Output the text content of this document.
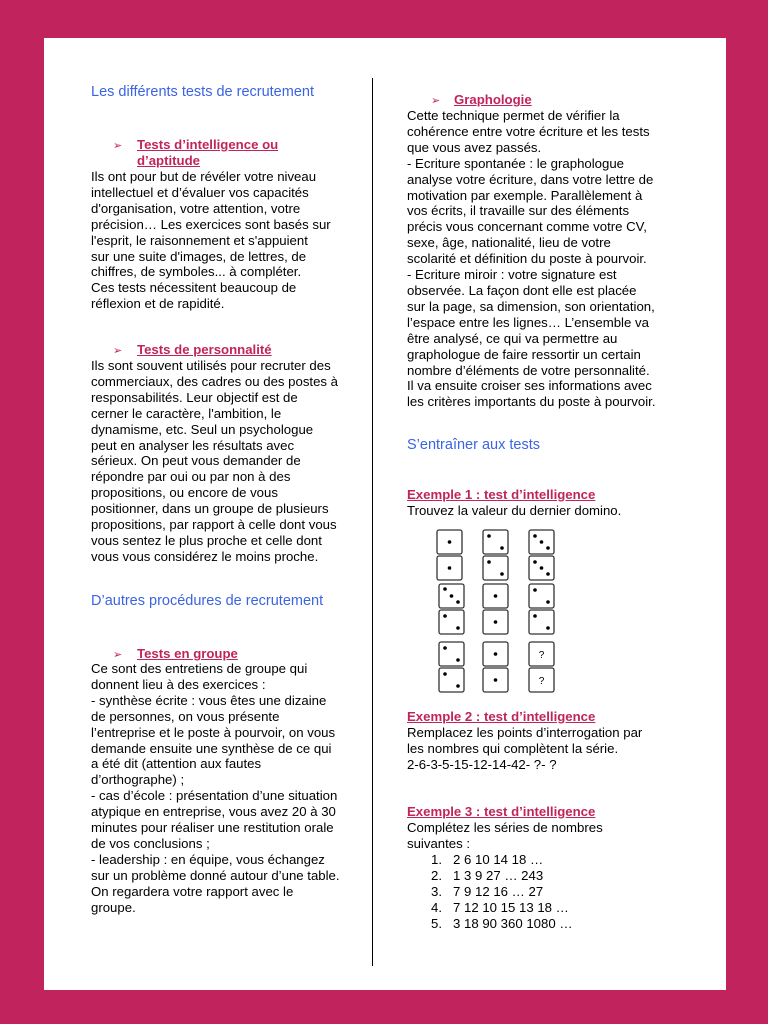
Les différents tests de recrutement
➢ Tests d’intelligence ou
d’aptitude
Ils ont pour but de révéler votre niveau
intellectuel et d’évaluer vos capacités
d'organisation, votre attention, votre
précision… Les exercices sont basés sur
l'esprit, le raisonnement et s'appuient
sur une suite d'images, de lettres, de
chiffres, de symboles... à compléter.
Ces tests nécessitent beaucoup de
réflexion et de rapidité.
➢ Tests de personnalité
Ils sont souvent utilisés pour recruter des
commerciaux, des cadres ou des postes à
responsabilités. Leur objectif est de
cerner le caractère, l'ambition, le
dynamisme, etc. Seul un psychologue
peut en analyser les résultats avec
sérieux. On peut vous demander de
répondre par oui ou par non à des
propositions, ou encore de vous
positionner, dans un groupe de plusieurs
propositions, par rapport à celle dont vous
vous sentez le plus proche et celle dont
vous vous considérez le moins proche.
D’autres procédures de recrutement
➢ Tests en groupe
Ce sont des entretiens de groupe qui
donnent lieu à des exercices :
- synthèse écrite : vous êtes une dizaine
de personnes, on vous présente
l’entreprise et le poste à pourvoir, on vous
demande ensuite une synthèse de ce qui
a été dit (attention aux fautes
d’orthographe) ;
- cas d’école : présentation d’une situation
atypique en entreprise, vous avez 20 à 30
minutes pour réaliser une restitution orale
de vos conclusions ;
- leadership : en équipe, vous échangez
sur un problème donné autour d’une table.
On regardera votre rapport avec le
groupe.
➢ Graphologie
Cette technique permet de vérifier la
cohérence entre votre écriture et les tests
que vous avez passés.
- Ecriture spontanée : le graphologue
analyse votre écriture, dans votre lettre de
motivation par exemple. Parallèlement à
vos écrits, il travaille sur des éléments
précis vous concernant comme votre CV,
sexe, âge, nationalité, lieu de votre
scolarité et définition du poste à pourvoir.
- Ecriture miroir : votre signature est
observée. La façon dont elle est placée
sur la page, sa dimension, son orientation,
l’espace entre les lignes… L’ensemble va
être analysé, ce qui va permettre au
graphologue de faire ressortir un certain
nombre d’éléments de votre personnalité.
Il va ensuite croiser ses informations avec
les critères importants du poste à pourvoir.
S’entraîner aux tests
Exemple 1 : test d’intelligence
Trouvez la valeur du dernier domino.
?
?
Exemple 2 : test d’intelligence
Remplacez les points d’interrogation par
les nombres qui complètent la série.
2-6-3-5-15-12-14-42- ?- ?
Exemple 3 : test d’intelligence
Complétez les séries de nombres
suivantes :
1. 2 6 10 14 18 …
2. 1 3 9 27 … 243
3. 7 9 12 16 … 27
4. 7 12 10 15 13 18 …
5. 3 18 90 360 1080 …
